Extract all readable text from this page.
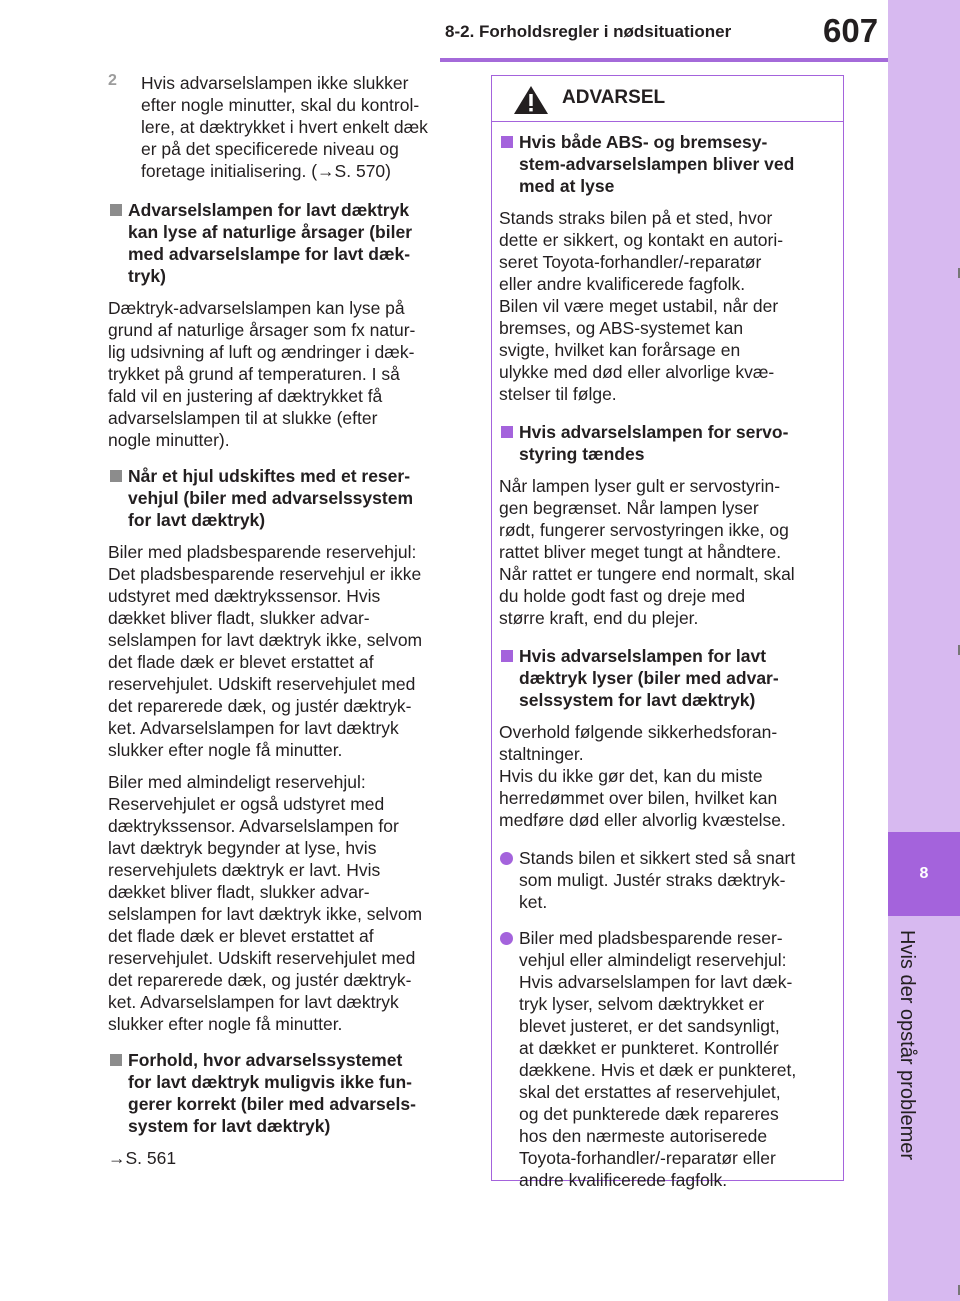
8-2. Forholdsregler i nødsituationer	607
8
Hvis der opstår problemer
2 Hvis advarselslampen ikke slukker

efter nogle minutter, skal du kontrol-

lere, at dæktrykket i hvert enkelt dæk

er på det specificerede niveau og

foretage initialisering. (→S. 570)

Advarselslampen for lavt dæktryk

kan lyse af naturlige årsager (biler

med advarselslampe for lavt dæk-

tryk)

Dæktryk-advarselslampen kan lyse på

grund af naturlige årsager som fx natur-

lig udsivning af luft og ændringer i dæk-

trykket på grund af temperaturen. I så

fald vil en justering af dæktrykket få

advarselslampen til at slukke (efter

nogle minutter).

Når et hjul udskiftes med et reser-

vehjul (biler med advarselssystem

for lavt dæktryk)

Biler med pladsbesparende reservehjul:

Det pladsbesparende reservehjul er ikke

udstyret med dæktrykssensor. Hvis

dækket bliver fladt, slukker advar-

selslampen for lavt dæktryk ikke, selvom

det flade dæk er blevet erstattet af

reservehjulet. Udskift reservehjulet med

det reparerede dæk, og justér dæktryk-

ket. Advarselslampen for lavt dæktryk

slukker efter nogle få minutter.

Biler med almindeligt reservehjul:

Reservehjulet er også udstyret med

dæktrykssensor. Advarselslampen for

lavt dæktryk begynder at lyse, hvis

reservehjulets dæktryk er lavt. Hvis

dækket bliver fladt, slukker advar-

selslampen for lavt dæktryk ikke, selvom

det flade dæk er blevet erstattet af

reservehjulet. Udskift reservehjulet med

det reparerede dæk, og justér dæktryk-

ket. Advarselslampen for lavt dæktryk

slukker efter nogle få minutter.

Forhold, hvor advarselssystemet

for lavt dæktryk muligvis ikke fun-

gerer korrekt (biler med advarsels-

system for lavt dæktryk)

→S. 561

ADVARSEL

Hvis både ABS- og bremsesy-

stem-advarselslampen bliver ved

med at lyse

Stands straks bilen på et sted, hvor

dette er sikkert, og kontakt en autori-

seret Toyota-forhandler/-reparatør

eller andre kvalificerede fagfolk.

Bilen vil være meget ustabil, når der

bremses, og ABS-systemet kan

svigte, hvilket kan forårsage en

ulykke med død eller alvorlige kvæ-

stelser til følge.

Hvis advarselslampen for servo-

styring tændes

Når lampen lyser gult er servostyrin-

gen begrænset. Når lampen lyser

rødt, fungerer servostyringen ikke, og

rattet bliver meget tungt at håndtere.

Når rattet er tungere end normalt, skal

du holde godt fast og dreje med

større kraft, end du plejer.

Hvis advarselslampen for lavt

dæktryk lyser (biler med advar-

selssystem for lavt dæktryk)

Overhold følgende sikkerhedsforan-

staltninger.

Hvis du ikke gør det, kan du miste

herredømmet over bilen, hvilket kan

medføre død eller alvorlig kvæstelse.

Stands bilen et sikkert sted så snart

som muligt. Justér straks dæktryk-

ket.

Biler med pladsbesparende reser-

vehjul eller almindeligt reservehjul:

Hvis advarselslampen for lavt dæk-

tryk lyser, selvom dæktrykket er

blevet justeret, er det sandsynligt,

at dækket er punkteret. Kontrollér

dækkene. Hvis et dæk er punkteret,

skal det erstattes af reservehjulet,

og det punkterede dæk repareres

hos den nærmeste autoriserede

Toyota-forhandler/-reparatør eller

andre kvalificerede fagfolk.
